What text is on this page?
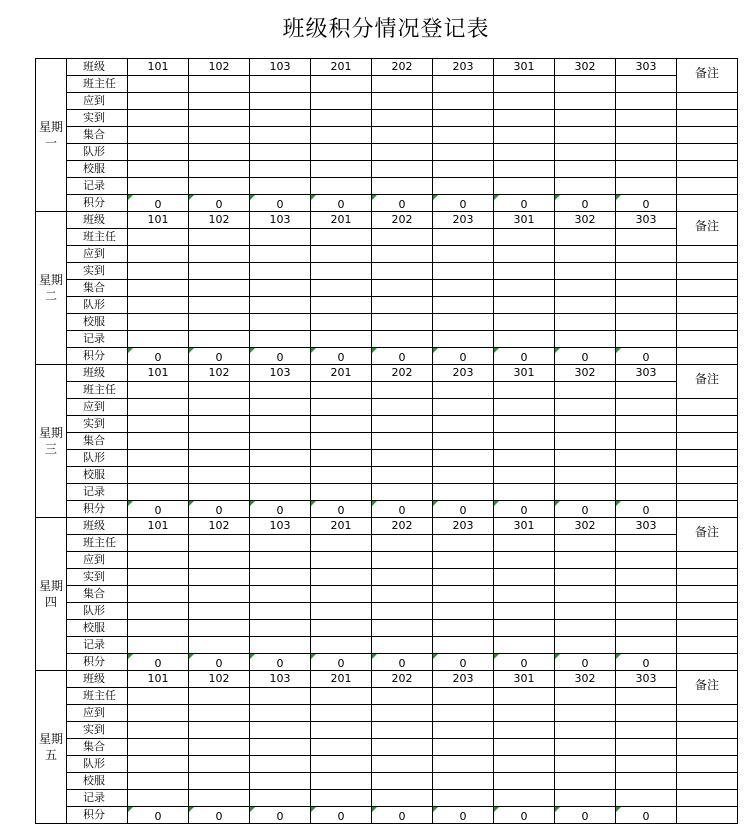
班级积分情况登记表
星期
一	班级	101	102	103	201	202	203	301	302	303	备注
	班主任										
	应到										
	实到										
	集合										
	队形										
	校服										
	记录										
	积分	0	0	0	0	0	0	0	0	0	

星期
二	班级	101	102	103	201	202	203	301	302	303	备注
	班主任										
	应到										
	实到										
	集合										
	队形										
	校服										
	记录										
	积分	0	0	0	0	0	0	0	0	0	

星期
三	班级	101	102	103	201	202	203	301	302	303	备注
	班主任										
	应到										
	实到										
	集合										
	队形										
	校服										
	记录										
	积分	0	0	0	0	0	0	0	0	0	

星期
四	班级	101	102	103	201	202	203	301	302	303	备注
	班主任										
	应到										
	实到										
	集合										
	队形										
	校服										
	记录										
	积分	0	0	0	0	0	0	0	0	0	

星期
五	班级	101	102	103	201	202	203	301	302	303	备注
	班主任										
	应到										
	实到										
	集合										
	队形										
	校服										
	记录										
	积分	0	0	0	0	0	0	0	0	0	
